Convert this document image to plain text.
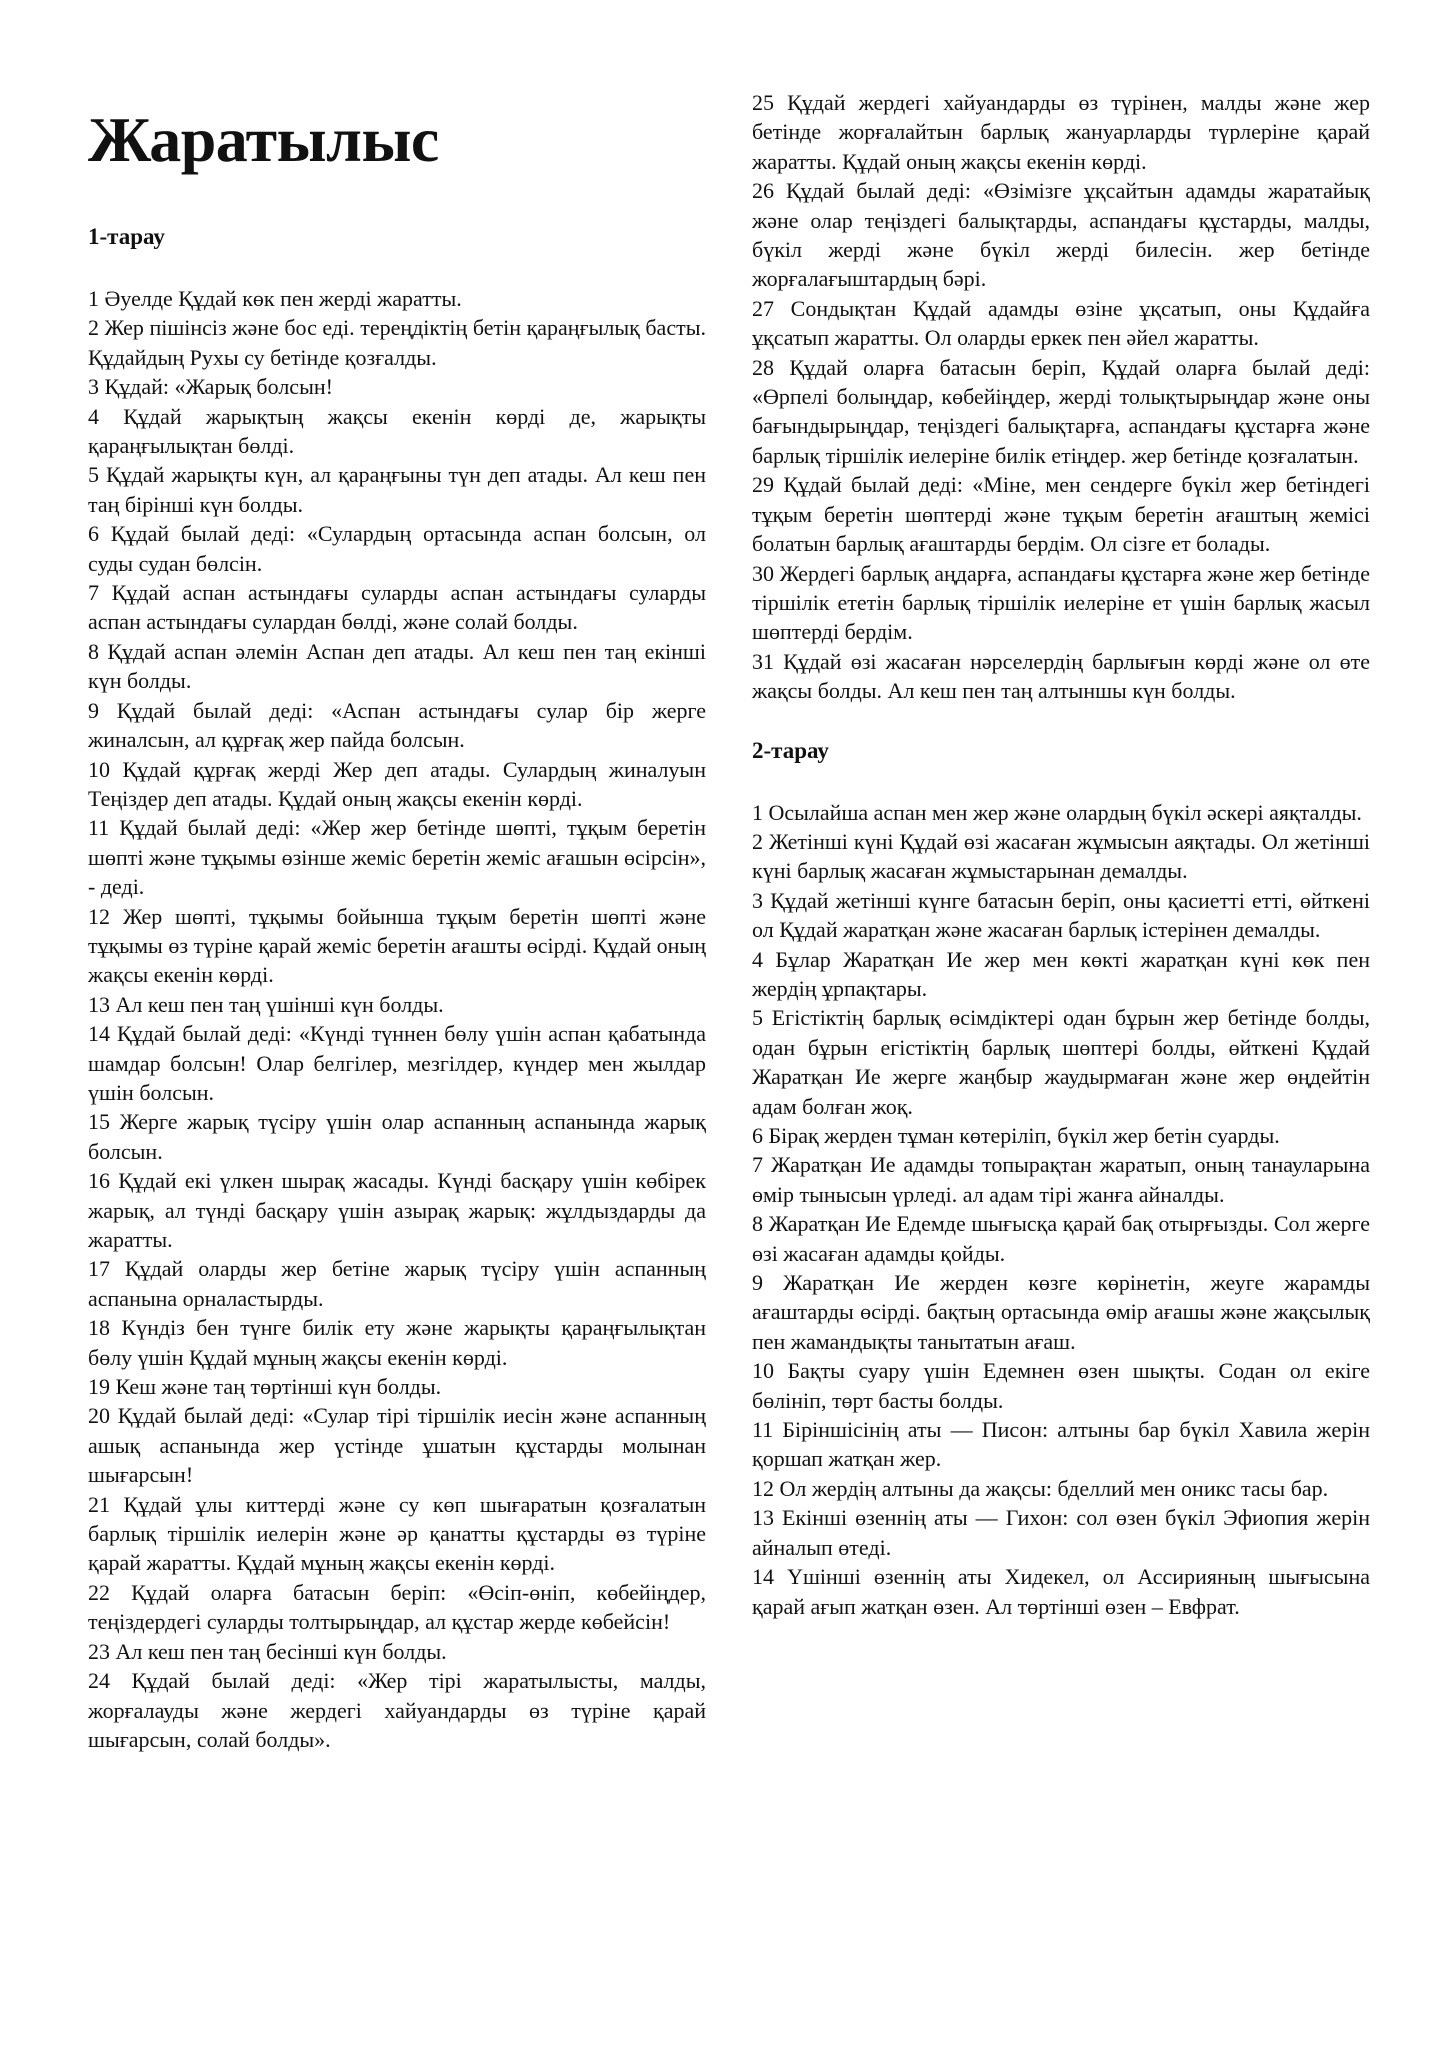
Жаратылыс
1-тарау

1 Әуелде Құдай көк пен жерді жаратты.

2 Жер пішінсіз және бос еді. тереңдіктің бетін қараңғылық басты. Құдайдың Рухы су бетінде қозғалды.

3 Құдай: «Жарық болсын!

4 Құдай жарықтың жақсы екенін көрді де, жарықты қараңғылықтан бөлді.

5 Құдай жарықты күн, ал қараңғыны түн деп атады. Ал кеш пен таң бірінші күн болды.

6 Құдай былай деді: «Сулардың ортасында аспан болсын, ол суды судан бөлсін.

7 Құдай аспан астындағы суларды аспан астындағы суларды аспан астындағы сулардан бөлді, және солай болды.

8 Құдай аспан әлемін Аспан деп атады. Ал кеш пен таң екінші күн болды.

9 Құдай былай деді: «Аспан астындағы сулар бір жерге жиналсын, ал құрғақ жер пайда болсын.

10 Құдай құрғақ жерді Жер деп атады. Сулардың жиналуын Теңіздер деп атады. Құдай оның жақсы екенін көрді.

11 Құдай былай деді: «Жер жер бетінде шөпті, тұқым беретін шөпті және тұқымы өзінше жеміс беретін жеміс ағашын өсірсін», - деді.

12 Жер шөпті, тұқымы бойынша тұқым беретін шөпті және тұқымы өз түріне қарай жеміс беретін ағашты өсірді. Құдай оның жақсы екенін көрді.

13 Ал кеш пен таң үшінші күн болды.

14 Құдай былай деді: «Күнді түннен бөлу үшін аспан қабатында шамдар болсын! Олар белгілер, мезгілдер, күндер мен жылдар үшін болсын.

15 Жерге жарық түсіру үшін олар аспанның аспанында жарық болсын.

16 Құдай екі үлкен шырақ жасады. Күнді басқару үшін көбірек жарық, ал түнді басқару үшін азырақ жарық: жұлдыздарды да жаратты.

17 Құдай оларды жер бетіне жарық түсіру үшін аспанның аспанына орналастырды.

18 Күндіз бен түнге билік ету және жарықты қараңғылықтан бөлу үшін Құдай мұның жақсы екенін көрді.

19 Кеш және таң төртінші күн болды.

20 Құдай былай деді: «Сулар тірі тіршілік иесін және аспанның ашық аспанында жер үстінде ұшатын құстарды молынан шығарсын!

21 Құдай ұлы киттерді және су көп шығаратын қозғалатын барлық тіршілік иелерін және әр қанатты құстарды өз түріне қарай жаратты. Құдай мұның жақсы екенін көрді.

22 Құдай оларға батасын беріп: «Өсіп-өніп, көбейіңдер, теңіздердегі суларды толтырыңдар, ал құстар жерде көбейсін!

23 Ал кеш пен таң бесінші күн болды.

24 Құдай былай деді: «Жер тірі жаратылысты, малды, жорғалауды және жердегі хайуандарды өз түріне қарай шығарсын, солай болды».

25 Құдай жердегі хайуандарды өз түрінен, малды және жер бетінде жорғалайтын барлық жануарларды түрлеріне қарай жаратты. Құдай оның жақсы екенін көрді.

26 Құдай былай деді: «Өзімізге ұқсайтын адамды жаратайық және олар теңіздегі балықтарды, аспандағы құстарды, малды, бүкіл жерді және бүкіл жерді билесін. жер бетінде жорғалағыштардың бәрі.

27 Сондықтан Құдай адамды өзіне ұқсатып, оны Құдайға ұқсатып жаратты. Ол оларды еркек пен әйел жаратты.

28 Құдай оларға батасын беріп, Құдай оларға былай деді: «Өрпелі болыңдар, көбейіңдер, жерді толықтырыңдар және оны бағындырыңдар, теңіздегі балықтарға, аспандағы құстарға және барлық тіршілік иелеріне билік етіңдер. жер бетінде қозғалатын.

29 Құдай былай деді: «Міне, мен сендерге бүкіл жер бетіндегі тұқым беретін шөптерді және тұқым беретін ағаштың жемісі болатын барлық ағаштарды бердім. Ол сізге ет болады.

30 Жердегі барлық аңдарға, аспандағы құстарға және жер бетінде тіршілік ететін барлық тіршілік иелеріне ет үшін барлық жасыл шөптерді бердім.

31 Құдай өзі жасаған нәрселердің барлығын көрді және ол өте жақсы болды. Ал кеш пен таң алтыншы күн болды.

2-тарау

1 Осылайша аспан мен жер және олардың бүкіл әскері аяқталды.

2 Жетінші күні Құдай өзі жасаған жұмысын аяқтады. Ол жетінші күні барлық жасаған жұмыстарынан демалды.

3 Құдай жетінші күнге батасын беріп, оны қасиетті етті, өйткені ол Құдай жаратқан және жасаған барлық істерінен демалды.

4 Бұлар Жаратқан Ие жер мен көкті жаратқан күні көк пен жердің ұрпақтары.

5 Егістіктің барлық өсімдіктері одан бұрын жер бетінде болды, одан бұрын егістіктің барлық шөптері болды, өйткені Құдай Жаратқан Ие жерге жаңбыр жаудырмаған және жер өңдейтін адам болған жоқ.

6 Бірақ жерден тұман көтеріліп, бүкіл жер бетін суарды.

7 Жаратқан Ие адамды топырақтан жаратып, оның танауларына өмір тынысын үрледі. ал адам тірі жанға айналды.

8 Жаратқан Ие Едемде шығысқа қарай бақ отырғызды. Сол жерге өзі жасаған адамды қойды.

9 Жаратқан Ие жерден көзге көрінетін, жеуге жарамды ағаштарды өсірді. бақтың ортасында өмір ағашы және жақсылық пен жамандықты танытатын ағаш.

10 Бақты суару үшін Едемнен өзен шықты. Содан ол екіге бөлініп, төрт басты болды.

11 Біріншісінің аты — Писон: алтыны бар бүкіл Хавила жерін қоршап жатқан жер.

12 Ол жердің алтыны да жақсы: бделлий мен оникс тасы бар.

13 Екінші өзеннің аты — Гихон: сол өзен бүкіл Эфиопия жерін айналып өтеді.

14 Үшінші өзеннің аты Хидекел, ол Ассирияның шығысына қарай ағып жатқан өзен. Ал төртінші өзен – Евфрат.
